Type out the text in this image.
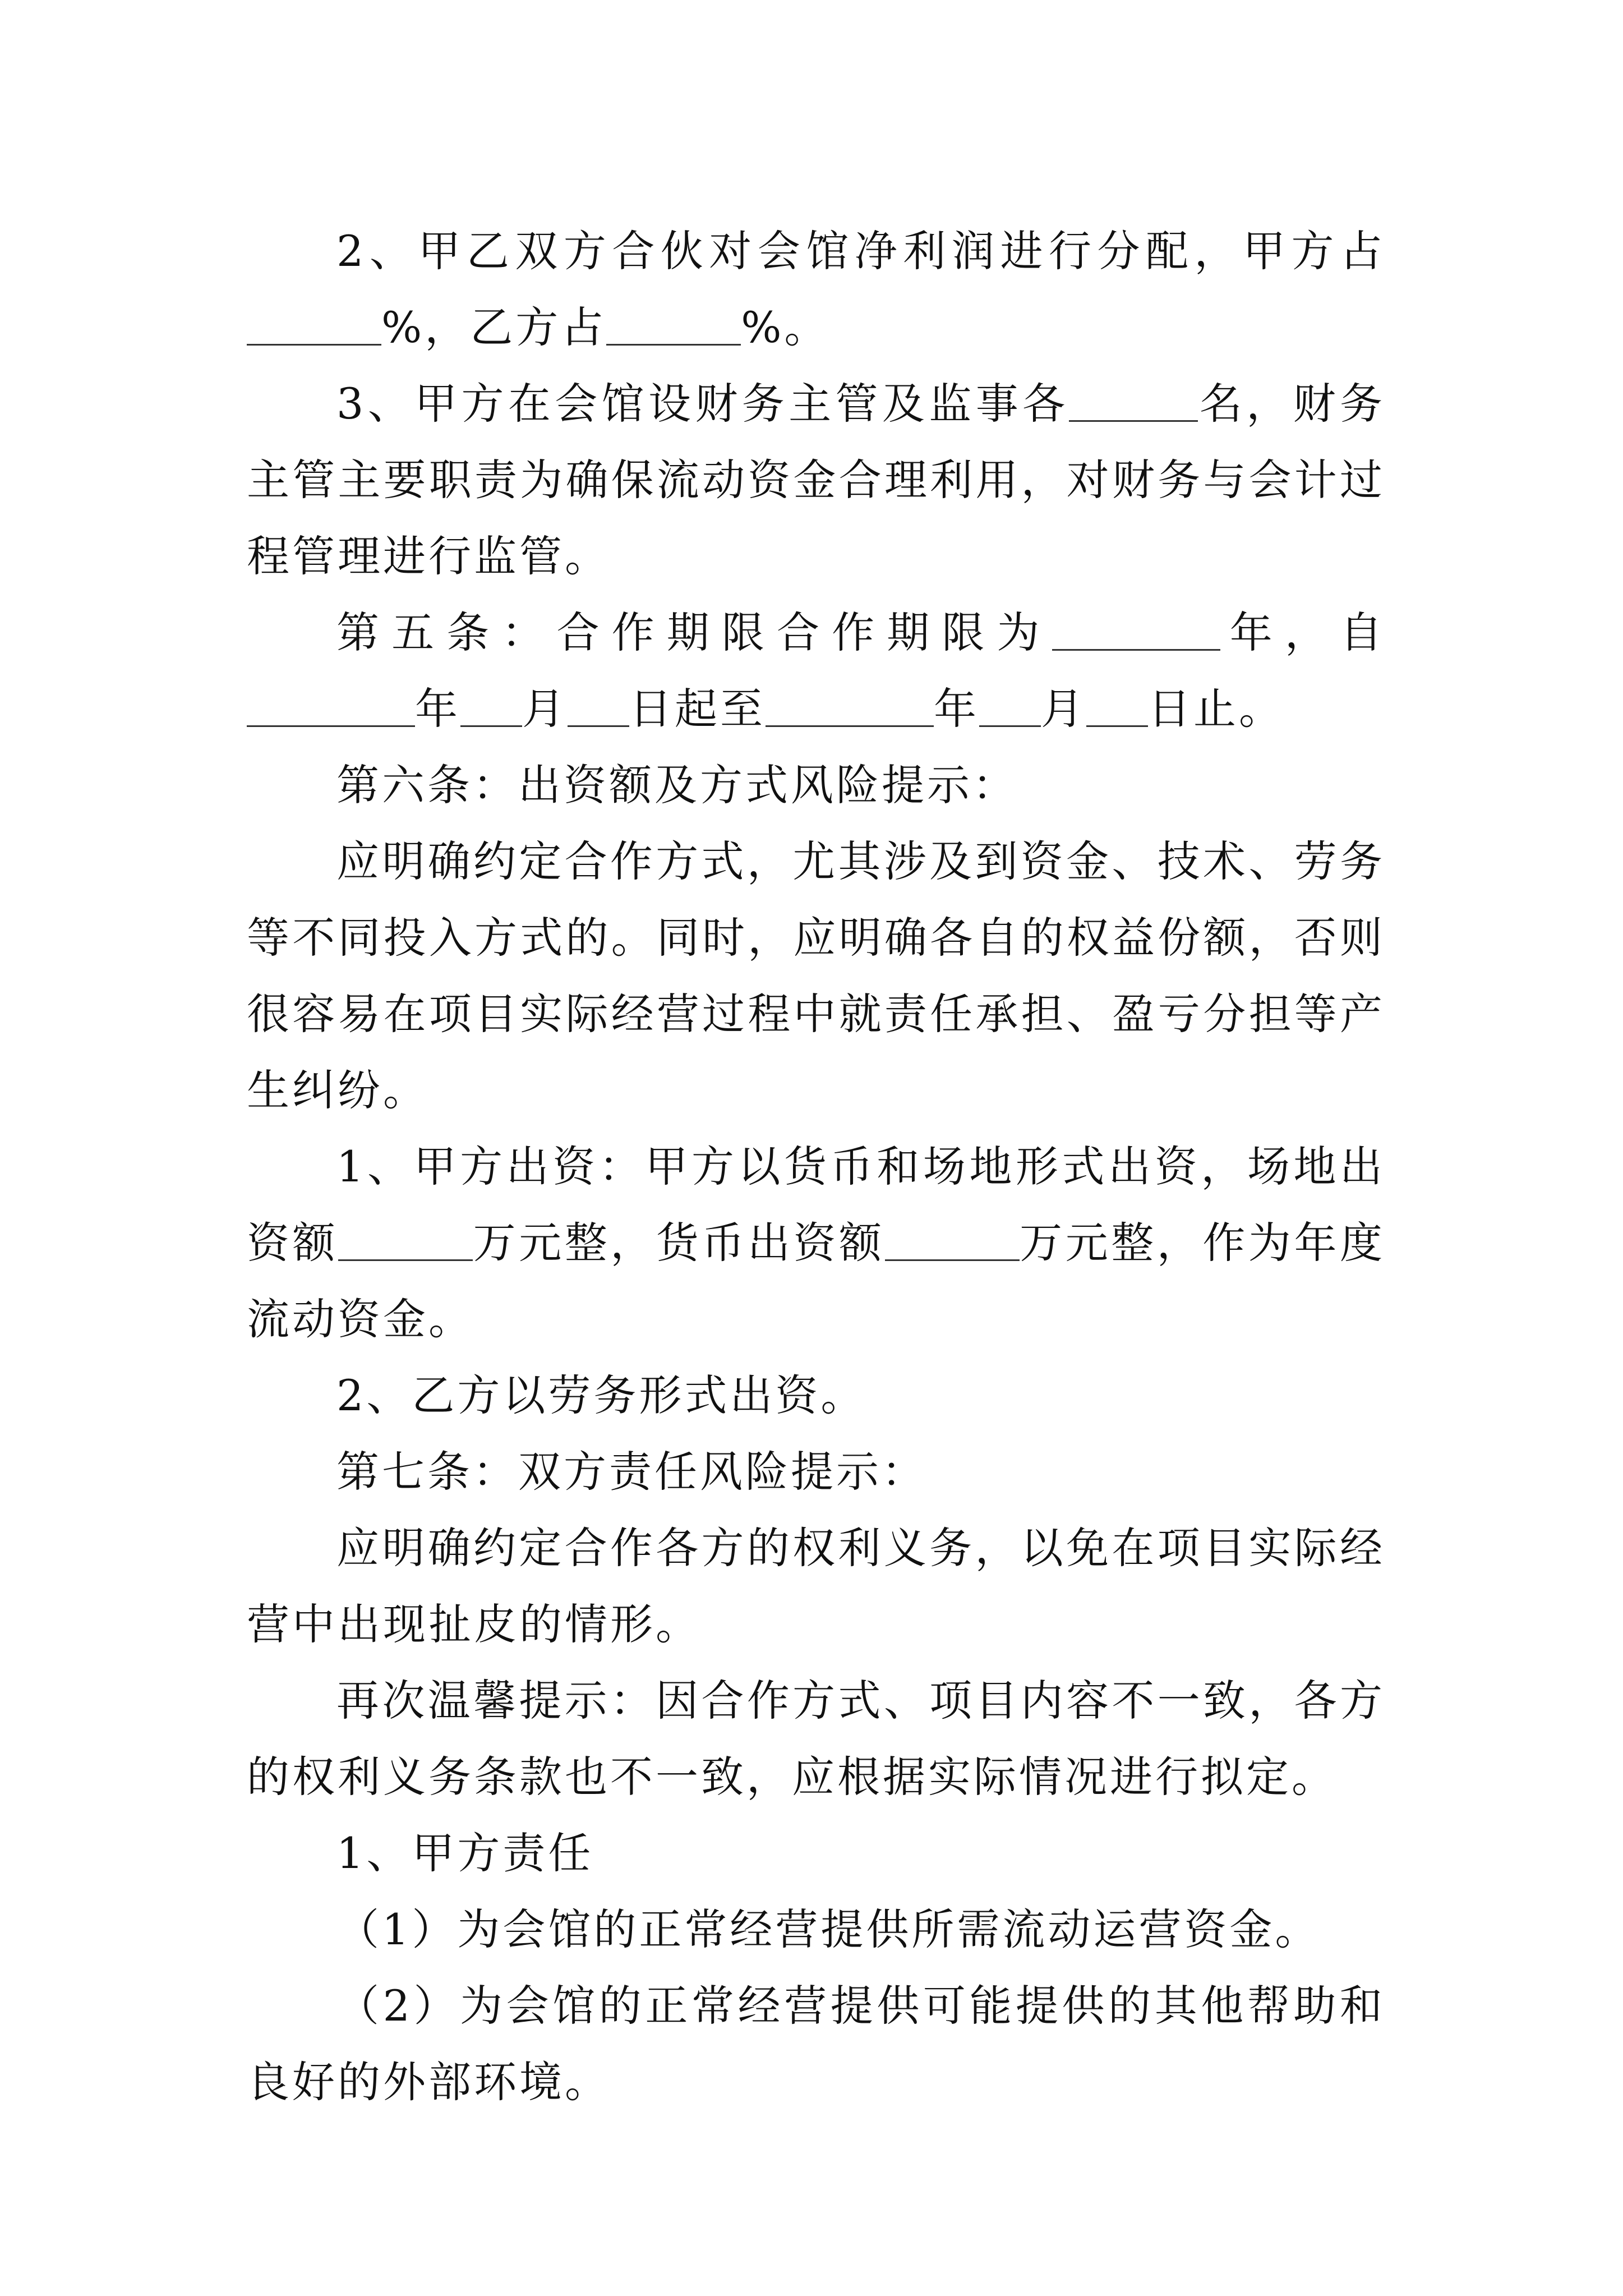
2、甲乙双方合伙对会馆净利润进行分配，甲方占%，乙方占	%。

3、甲方在会馆设财务主管及监事各	名，财务主管主要职责为确保流动资金合理利用，对财务与会计过程管理进行监管。

第五条：合作期限合作期限为	年，自年 月 日起至	年 月 日止。

第六条：出资额及方式风险提示：

应明确约定合作方式，尤其涉及到资金、技术、劳务等不同投入方式的。同时，应明确各自的权益份额，否则很容易在项目实际经营过程中就责任承担、盈亏分担等产生纠纷。

1、甲方出资：甲方以货币和场地形式出资，场地出资额	万元整，货币出资额	万元整，作为年度流动资金。

2、乙方以劳务形式出资。

第七条：双方责任风险提示：

应明确约定合作各方的权利义务，以免在项目实际经营中出现扯皮的情形。

再次温馨提示：因合作方式、项目内容不一致，各方的权利义务条款也不一致，应根据实际情况进行拟定。

1、甲方责任

（1）为会馆的正常经营提供所需流动运营资金。

（2）为会馆的正常经营提供可能提供的其他帮助和良好的外部环境。
